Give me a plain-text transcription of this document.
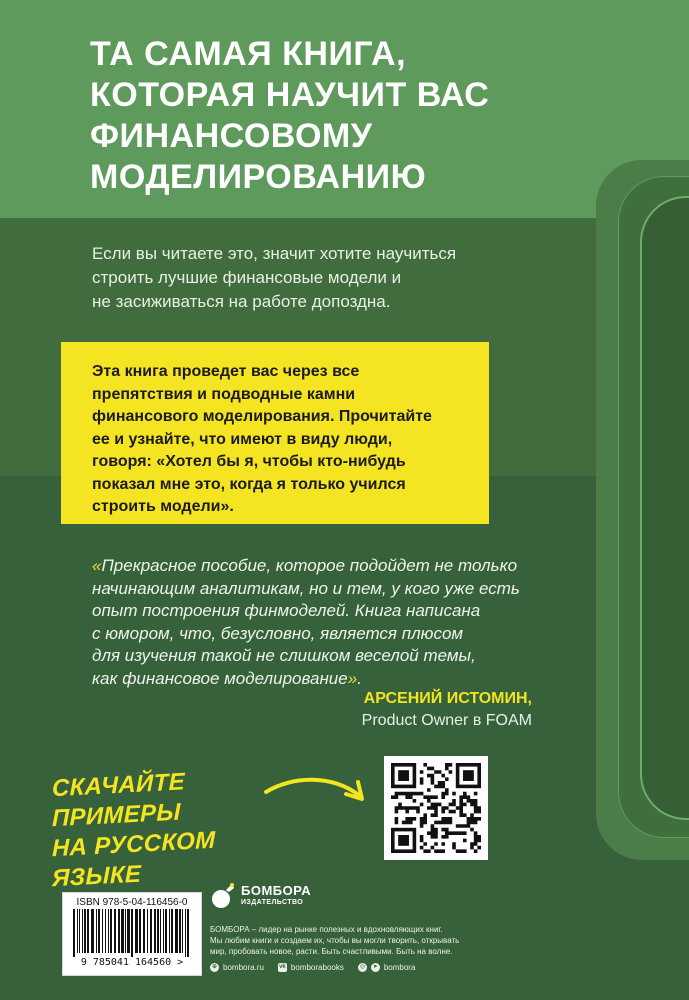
ТА САМАЯ КНИГА,
КОТОРАЯ НАУЧИТ ВАС
ФИНАНСОВОМУ
МОДЕЛИРОВАНИЮ

Если вы читаете это, значит хотите научиться
строить лучшие финансовые модели и
не засиживаться на работе допоздна.

Эта книга проведет вас через все
препятствия и подводные камни
финансового моделирования. Прочитайте
ее и узнайте, что имеют в виду люди,
говоря: «Хотел бы я, чтобы кто-нибудь
показал мне это, когда я только учился
строить модели».

«Прекрасное пособие, которое подойдет не только
начинающим аналитикам, но и тем, у кого уже есть
опыт построения финмоделей. Книга написана
с юмором, что, безусловно, является плюсом
для изучения такой не слишком веселой темы,
как финансовое моделирование».

АРСЕНИЙ ИСТОМИН,

Product Owner в FOAM

СКАЧАЙТЕ ПРИМЕРЫ
НА РУССКОМ ЯЗЫКЕ

ISBN 978-5-04-116456-0

9 785041 164560 >

БОМБОРА

ИЗДАТЕЛЬСТВО

БОМБОРА – лидер на рынке полезных и вдохновляющих книг.
Мы любим книги и создаем их, чтобы вы могли творить, открывать
мир, пробовать новое, расти. Быть счастливыми. Быть на волне.

⊕ bombora.ru	vk bomborabooks	◎	➤ bombora
